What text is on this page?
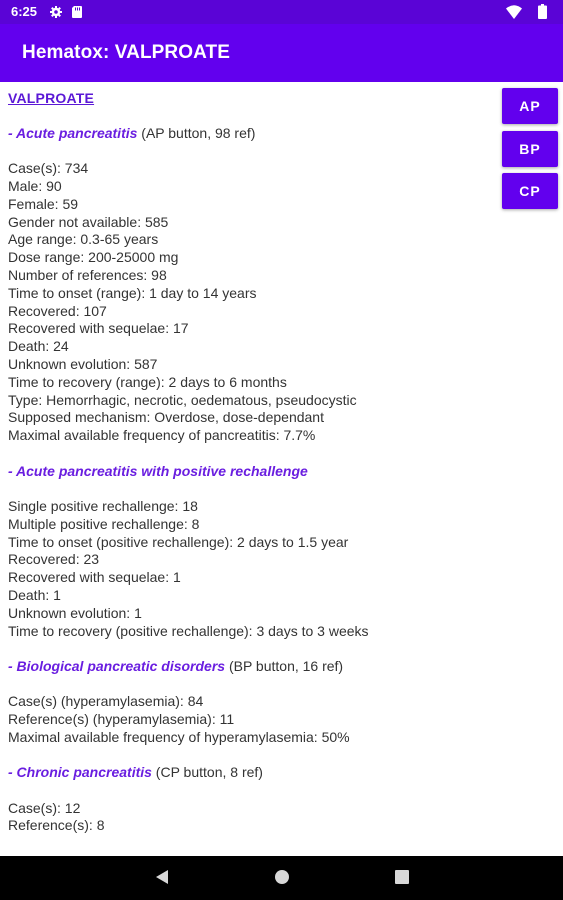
6:25
Hematox: VALPROATE
VALPROATE
- Acute pancreatitis (AP button, 98 ref)
Case(s): 734
Male: 90
Female: 59
Gender not available: 585
Age range: 0.3-65 years
Dose range: 200-25000 mg
Number of references: 98
Time to onset (range): 1 day to 14 years
Recovered: 107
Recovered with sequelae: 17
Death: 24
Unknown evolution: 587
Time to recovery (range): 2 days to 6 months
Type: Hemorrhagic, necrotic, oedematous, pseudocystic
Supposed mechanism: Overdose, dose-dependant
Maximal available frequency of pancreatitis: 7.7%
- Acute pancreatitis with positive rechallenge
Single positive rechallenge: 18
Multiple positive rechallenge: 8
Time to onset (positive rechallenge): 2 days to 1.5 year
Recovered: 23
Recovered with sequelae: 1
Death: 1
Unknown evolution: 1
Time to recovery (positive rechallenge): 3 days to 3 weeks
- Biological pancreatic disorders (BP button, 16 ref)
Case(s) (hyperamylasemia): 84
Reference(s) (hyperamylasemia): 11
Maximal available frequency of hyperamylasemia: 50%
- Chronic pancreatitis (CP button, 8 ref)
Case(s): 12
Reference(s): 8
AP
BP
CP
